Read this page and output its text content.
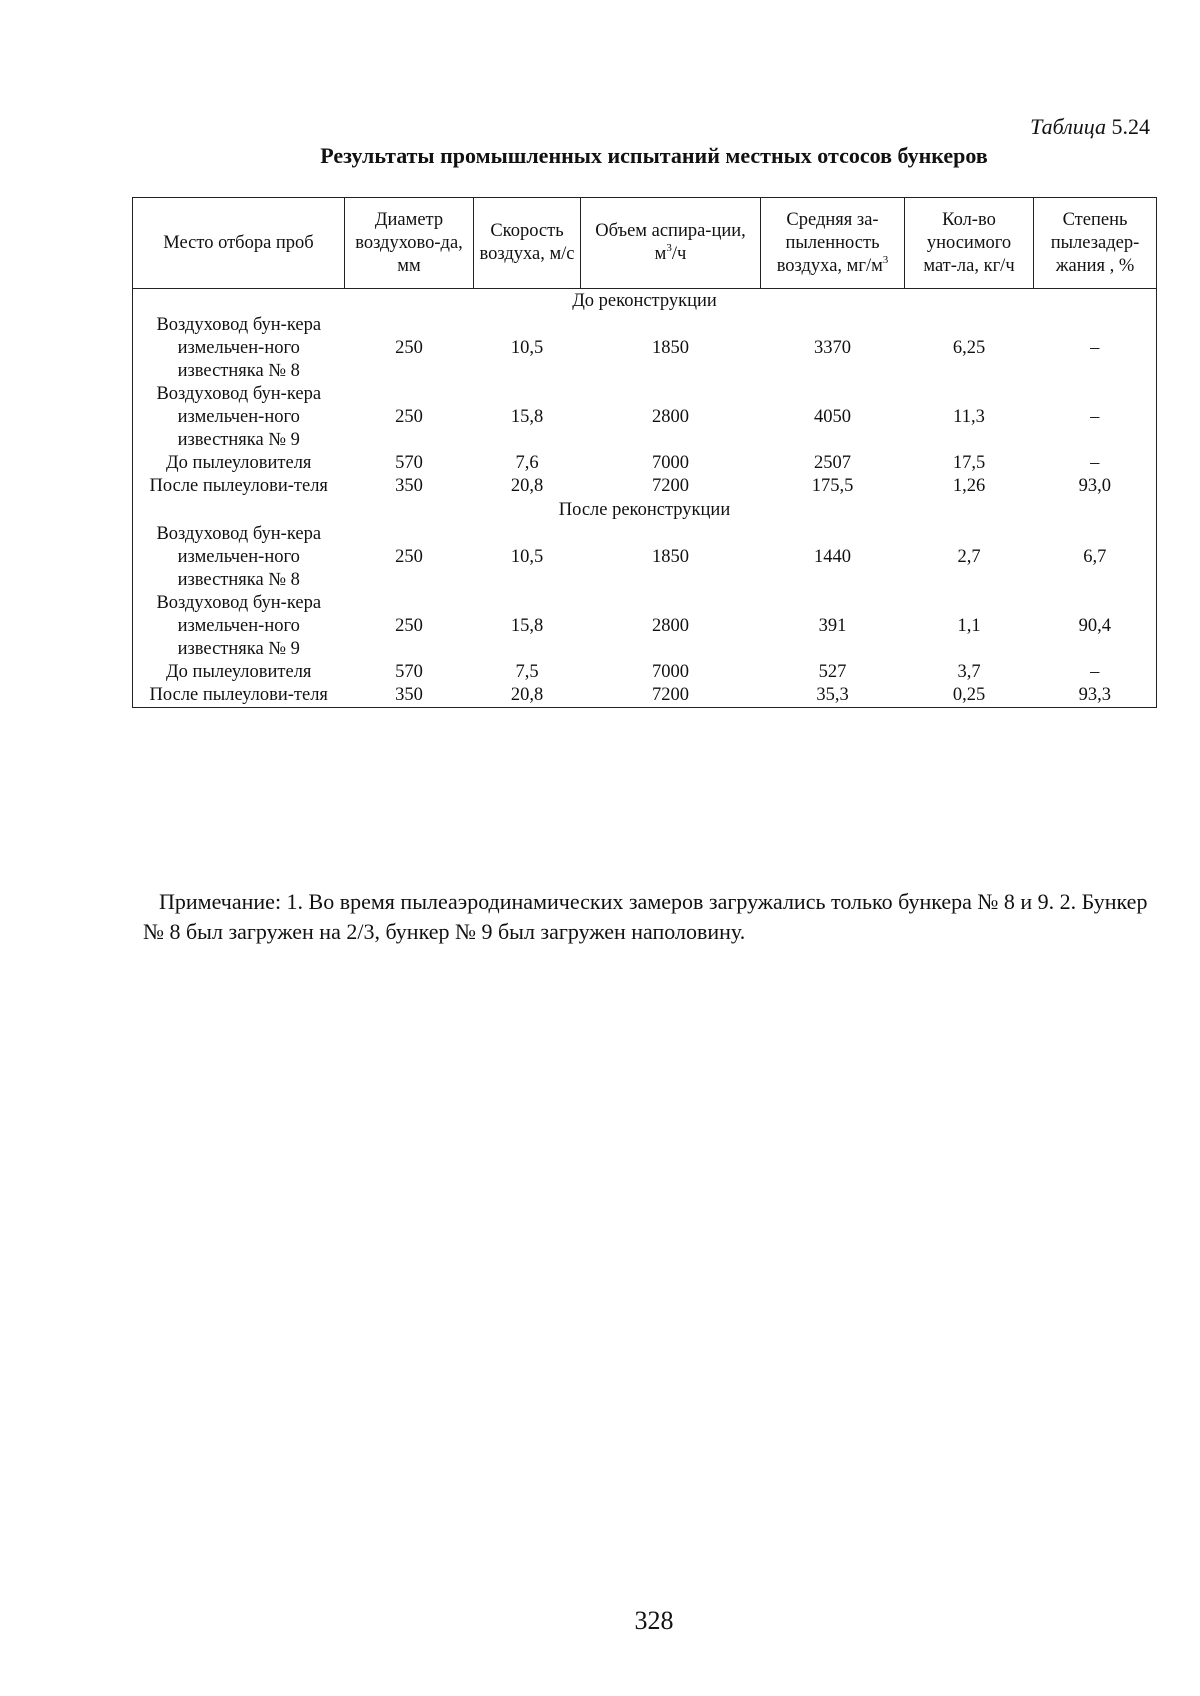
Таблица 5.24
Результаты промышленных испытаний местных отсосов бункеров
Место отбора проб	Диаметр воздухово-да, мм	Скорость воздуха, м/с	Объем аспира-ции, $м^3/ч$	Средняя за-пыленность воздуха, $мг/м^3$	Кол-во уносимого мат-ла, кг/ч	Степень пылезадер-жания , %
До реконструкции						
Воздуховод бун-кера измельчен-ного известняка № 8	250	10,5	1850	3370	6,25	–
Воздуховод бун-кера измельчен-ного известняка № 9	250	15,8	2800	4050	11,3	–
До пылеуловителя	570	7,6	7000	2507	17,5	–
После пылеулови-теля	350	20,8	7200	175,5	1,26	93,0
После реконструкции						
Воздуховод бун-кера измельчен-ного известняка № 8	250	10,5	1850	1440	2,7	6,7
Воздуховод бун-кера измельчен-ного известняка № 9	250	15,8	2800	391	1,1	90,4
До пылеуловителя	570	7,5	7000	527	3,7	–
После пылеулови-теля	350	20,8	7200	35,3	0,25	93,3
Примечание: 1. Во время пылеаэродинамических замеров загружались только бункера № 8 и 9. 2. Бункер № 8 был загружен на 2/3, бункер № 9 был загружен наполовину.
328
